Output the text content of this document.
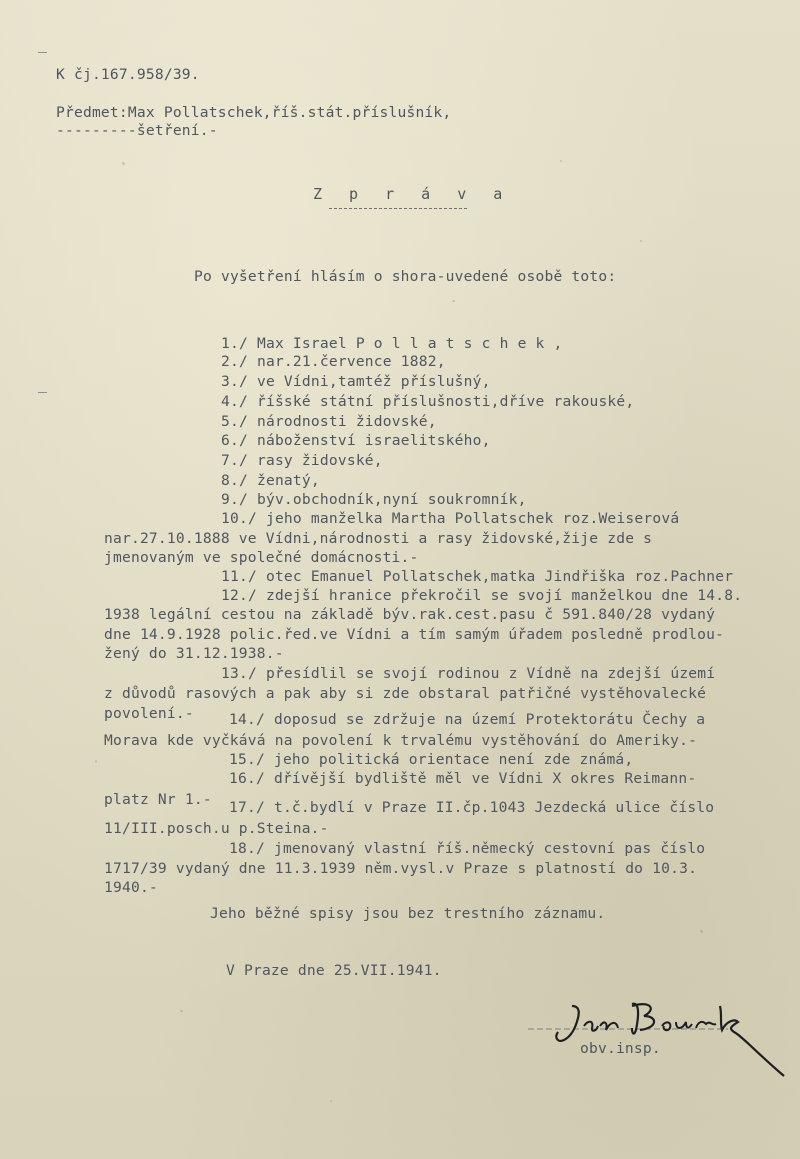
K čj.167.958/39.
Předmet:Max Pollatschek,říš.stát.příslušník,
---------šetření.-
Z p r á v a
Po vyšetření hlásím o shora-uvedené osobě toto:
1./ Max Israel P o l l a t s c h e k ,
2./ nar.21.července 1882,
3./ ve Vídni,tamtéž příslušný,
4./ říšské státní příslušnosti,dříve rakouské,
5./ národnosti židovské,
6./ náboženství israelitského,
7./ rasy židovské,
8./ ženatý,
9./ býv.obchodník,nyní soukromník,
10./ jeho manželka Martha Pollatschek roz.Weiserová
nar.27.10.1888 ve Vídni,národnosti a rasy židovské,žije zde s
jmenovaným ve společné domácnosti.-
11./ otec Emanuel Pollatschek,matka Jindřiška roz.Pachner
12./ zdejší hranice překročil se svojí manželkou dne 14.8.
1938 legální cestou na základě býv.rak.cest.pasu č 591.840/28 vydaný
dne 14.9.1928 polic.řed.ve Vídni a tím samým úřadem posledně prodlou-
žený do 31.12.1938.-
13./ přesídlil se svojí rodinou z Vídně na zdejší území
z důvodů rasových a pak aby si zde obstaral patřičné vystěhovalecké
povolení.- 14./ doposud se zdržuje na území Protektorátu Čechy a
Morava kde vyčkává na povolení k trvalému vystěhování do Ameriky.-
15./ jeho politická orientace není zde známá,
16./ dřívější bydliště měl ve Vídni X okres Reimann-
platz Nr 1.- 17./ t.č.bydlí v Praze II.čp.1043 Jezdecká ulice číslo
11/III.posch.u p.Steina.-
18./ jmenovaný vlastní říš.německý cestovní pas číslo
1717/39 vydaný dne 11.3.1939 něm.vysl.v Praze s platností do 10.3.
1940.-
Jeho běžné spisy jsou bez trestního záznamu.
V Praze dne 25.VII.1941.
obv.insp.
